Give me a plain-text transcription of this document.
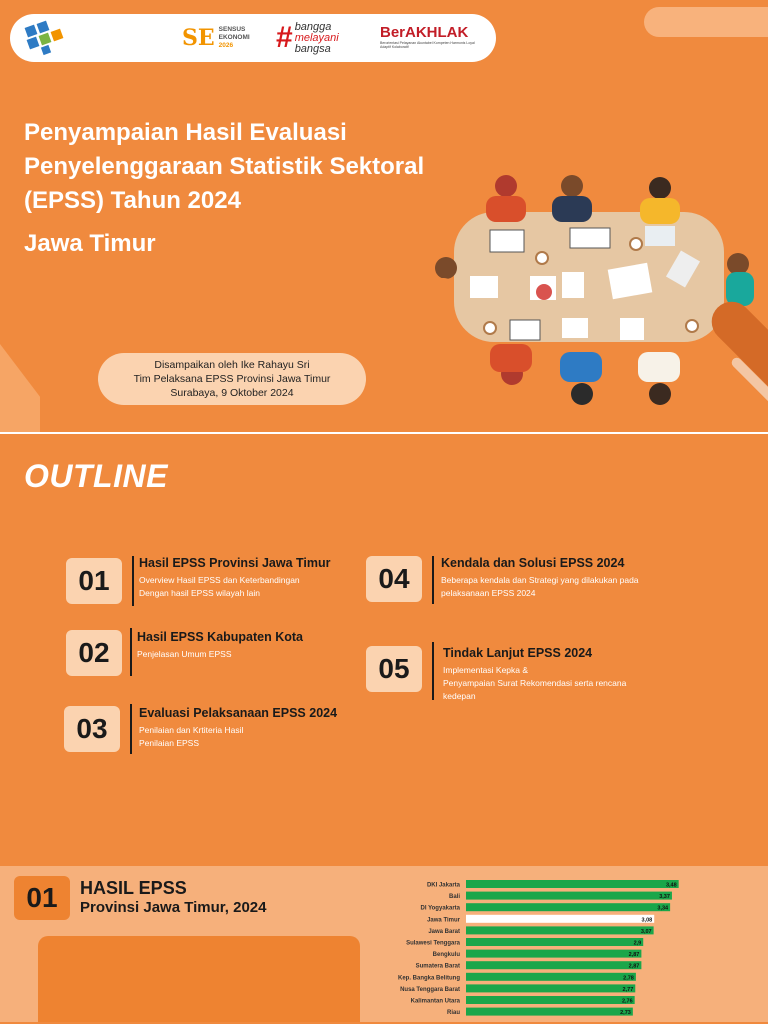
SE SENSUS
EKONOMI
2026	# bangga
melayani
bangsa
BerAKHLAK
Berorientasi Pelayanan Akuntabel Kompeten Harmonis Loyal Adaptif Kolaboratif
Penyampaian Hasil Evaluasi
Penyelenggaraan Statistik Sektoral
(EPSS) Tahun 2024
Jawa Timur
Disampaikan oleh Ike Rahayu Sri
Tim Pelaksana EPSS Provinsi Jawa Timur
Surabaya, 9 Oktober 2024
OUTLINE
01
Hasil EPSS Provinsi Jawa Timur
Overview Hasil EPSS dan Keterbandingan
Dengan hasil EPSS wilayah lain
02	Hasil EPSS Kabupaten Kota
Penjelasan Umum EPSS
03	Evaluasi Pelaksanaan EPSS 2024
Penilaian dan Krtiteria Hasil
Penilaian EPSS
04	Kendala dan Solusi EPSS 2024
Beberapa kendala dan Strategi yang dilakukan pada
pelaksanaan EPSS 2024
05	Tindak Lanjut EPSS 2024
Implementasi Kepka &
Penyampaian Surat Rekomendasi serta rencana
kedepan
01	HASIL EPSS
Provinsi Jawa Timur, 2024
DKI Jakarta	3,48
Bali	3,37
DI Yogyakarta	3,34
Jawa Timur	3,08
Jawa Barat	3,07
Sulawesi Tenggara	2,9
Bengkulu	2,87
Sumatera Barat	2,87
Kep. Bangka Belitung	2,78
Nusa Tenggara Barat	2,77
Kalimantan Utara	2,76
Riau	2,73
